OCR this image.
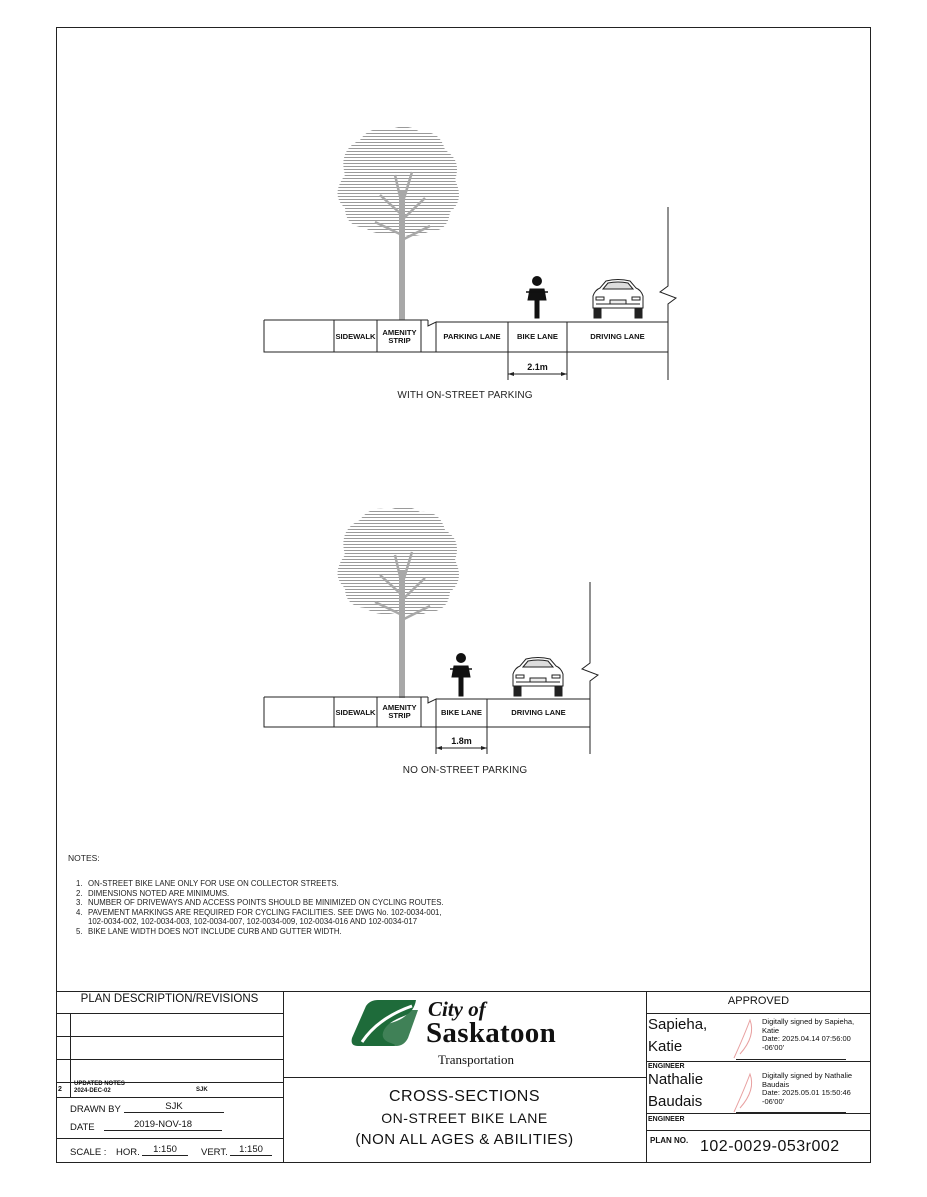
SIDEWALK AMENITY STRIP	PARKING LANE	BIKE LANE	DRIVING LANE
2.1m
WITH ON-STREET PARKING
SIDEWALK
AMENITY STRIP	BIKE LANE	DRIVING LANE
1.8m
NO ON-STREET PARKING
NOTES:
1. ON-STREET BIKE LANE ONLY FOR USE ON COLLECTOR STREETS.
2. DIMENSIONS NOTED ARE MINIMUMS.
3. NUMBER OF DRIVEWAYS AND ACCESS POINTS SHOULD BE MINIMIZED ON CYCLING ROUTES.
4. PAVEMENT MARKINGS ARE REQUIRED FOR CYCLING FACILITIES. SEE DWG No. 102-0034-001,
102-0034-002, 102-0034-003, 102-0034-007, 102-0034-009, 102-0034-016 AND 102-0034-017
5. BIKE LANE WIDTH DOES NOT INCLUDE CURB AND GUTTER WIDTH.
PLAN DESCRIPTION/REVISIONS
2
UPDATED NOTES
2024-DEC-02	SJK
DRAWN BY	SJK
DATE	2019-NOV-18
SCALE : HOR.	1:150	VERT.	1:150
City of
Saskatoon
Transportation
CROSS-SECTIONS
ON-STREET BIKE LANE
(NON ALL AGES & ABILITIES)
APPROVED
Sapieha,
Katie
Digitally signed by Sapieha,
Katie
Date: 2025.04.14 07:56:00
-06'00'
ENGINEER
Nathalie
Baudais
Digitally signed by Nathalie
Baudais
Date: 2025.05.01 15:50:46
-06'00'
ENGINEER
PLAN NO. 102-0029-053r002
